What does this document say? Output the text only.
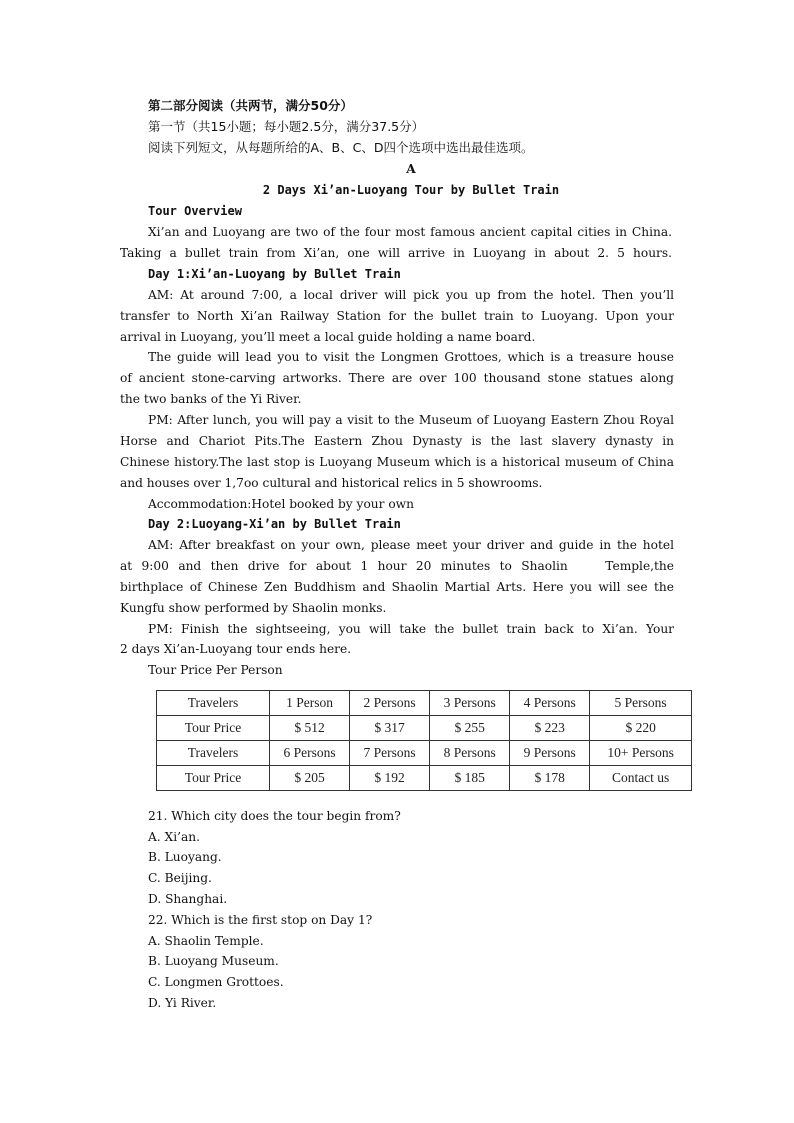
第二部分阅读（共两节，满分50分）
第一节（共15小题；每小题2.5分，满分37.5分）
阅读下列短文，从每题所给的A、B、C、D四个选项中选出最佳选项。
A
2 Days Xi’an-Luoyang Tour by Bullet Train
Tour Overview
Xi’an and Luoyang are two of the four most famous ancient capital cities in China.
Taking a bullet train from Xi’an, one will arrive in Luoyang in about 2. 5 hours.
Day 1:Xi’an-Luoyang by Bullet Train
AM: At around 7:00, a local driver will pick you up from the hotel. Then you’ll
transfer to North Xi’an Railway Station for the bullet train to Luoyang. Upon your
arrival in Luoyang, you’ll meet a local guide holding a name board.
The guide will lead you to visit the Longmen Grottoes, which is a treasure house
of ancient stone-carving artworks. There are over 100 thousand stone statues along
the two banks of the Yi River.
PM: After lunch, you will pay a visit to the Museum of Luoyang Eastern Zhou Royal
Horse and Chariot Pits.The Eastern Zhou Dynasty is the last slavery dynasty in
Chinese history.The last stop is Luoyang Museum which is a historical museum of China
and houses over 1,7oo cultural and historical relics in 5 showrooms.
Accommodation:Hotel booked by your own
Day 2:Luoyang-Xi’an by Bullet Train
AM: After breakfast on your own, please meet your driver and guide in the hotel
at 9:00 and then drive for about 1 hour 20 minutes to Shaolin    Temple,the
birthplace of Chinese Zen Buddhism and Shaolin Martial Arts. Here you will see the
Kungfu show performed by Shaolin monks.
PM: Finish the sightseeing, you will take the bullet train back to Xi’an. Your
2 days Xi’an-Luoyang tour ends here.
Tour Price Per Person
Travelers	1 Person	2 Persons	3 Persons	4 Persons	5 Persons
Tour Price	$ 512	$ 317	$ 255	$ 223	$ 220
Travelers	6 Persons	7 Persons	8 Persons	9 Persons	10+ Persons
Tour Price	$ 205	$ 192	$ 185	$ 178	Contact us
21. Which city does the tour begin from?
A. Xi’an.
B. Luoyang.
C. Beijing.
D. Shanghai.
22. Which is the first stop on Day 1?
A. Shaolin Temple.
B. Luoyang Museum.
C. Longmen Grottoes.
D. Yi River.
